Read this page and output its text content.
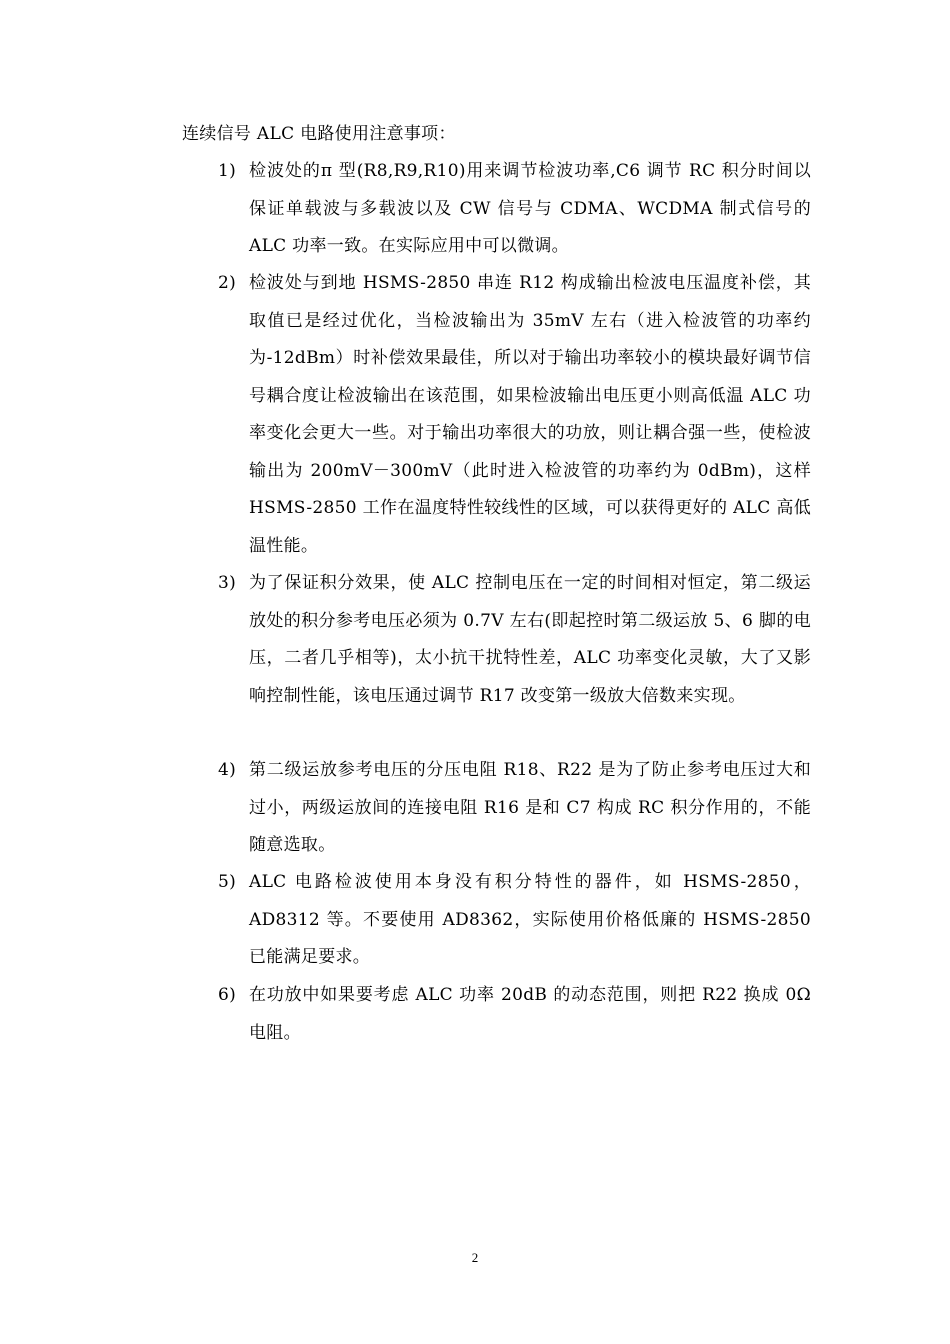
连续信号 ALC 电路使用注意事项：
1) 检波处的π 型(R8,R9,R10)用来调节检波功率,C6 调节 RC 积分时间以保证单载波与多载波以及 CW 信号与 CDMA、WCDMA 制式信号的 ALC 功率一致。在实际应用中可以微调。
2) 检波处与到地 HSMS-2850 串连 R12 构成输出检波电压温度补偿，其取值已是经过优化，当检波输出为 35mV 左右（进入检波管的功率约为-12dBm）时补偿效果最佳，所以对于输出功率较小的模块最好调节信号耦合度让检波输出在该范围，如果检波输出电压更小则高低温 ALC 功率变化会更大一些。对于输出功率很大的功放，则让耦合强一些，使检波输出为 200mV－300mV（此时进入检波管的功率约为 0dBm)，这样 HSMS-2850 工作在温度特性较线性的区域，可以获得更好的 ALC 高低温性能。
3) 为了保证积分效果，使 ALC 控制电压在一定的时间相对恒定，第二级运放处的积分参考电压必须为 0.7V 左右(即起控时第二级运放 5、6 脚的电压，二者几乎相等)，太小抗干扰特性差，ALC 功率变化灵敏，大了又影响控制性能，该电压通过调节 R17 改变第一级放大倍数来实现。
4) 第二级运放参考电压的分压电阻 R18、R22 是为了防止参考电压过大和过小，两级运放间的连接电阻 R16 是和 C7 构成 RC 积分作用的，不能随意选取。
5) ALC 电路检波使用本身没有积分特性的器件，如 HSMS-2850，AD8312 等。不要使用 AD8362，实际使用价格低廉的 HSMS-2850 已能满足要求。
6) 在功放中如果要考虑 ALC 功率 20dB 的动态范围，则把 R22 换成 0Ω 电阻。
2
